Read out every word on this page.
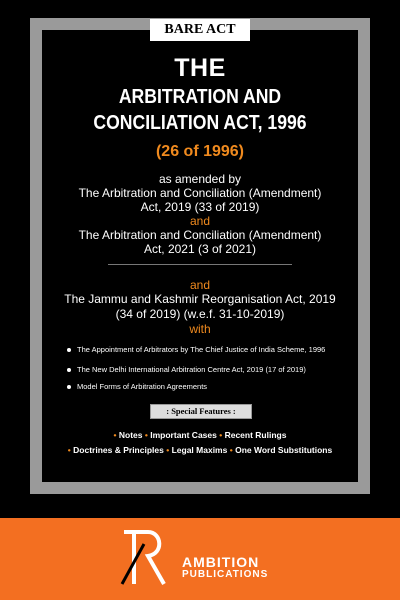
BARE ACT
THE
ARBITRATION AND
CONCILIATION ACT, 1996
(26 of 1996)
as amended by
The Arbitration and Conciliation (Amendment)
Act, 2019 (33 of 2019)
and
The Arbitration and Conciliation (Amendment)
Act, 2021 (3 of 2021)
and
The Jammu and Kashmir Reorganisation Act, 2019
(34 of 2019) (w.e.f. 31-10-2019)
with
The Appointment of Arbitrators by The Chief Justice of India Scheme, 1996
The New Delhi International Arbitration Centre Act, 2019 (17 of 2019)
Model Forms of Arbitration Agreements
: Special Features :
• Notes • Important Cases • Recent Rulings
• Doctrines & Principles • Legal Maxims • One Word Substitutions
AMBITION
PUBLICATIONS
